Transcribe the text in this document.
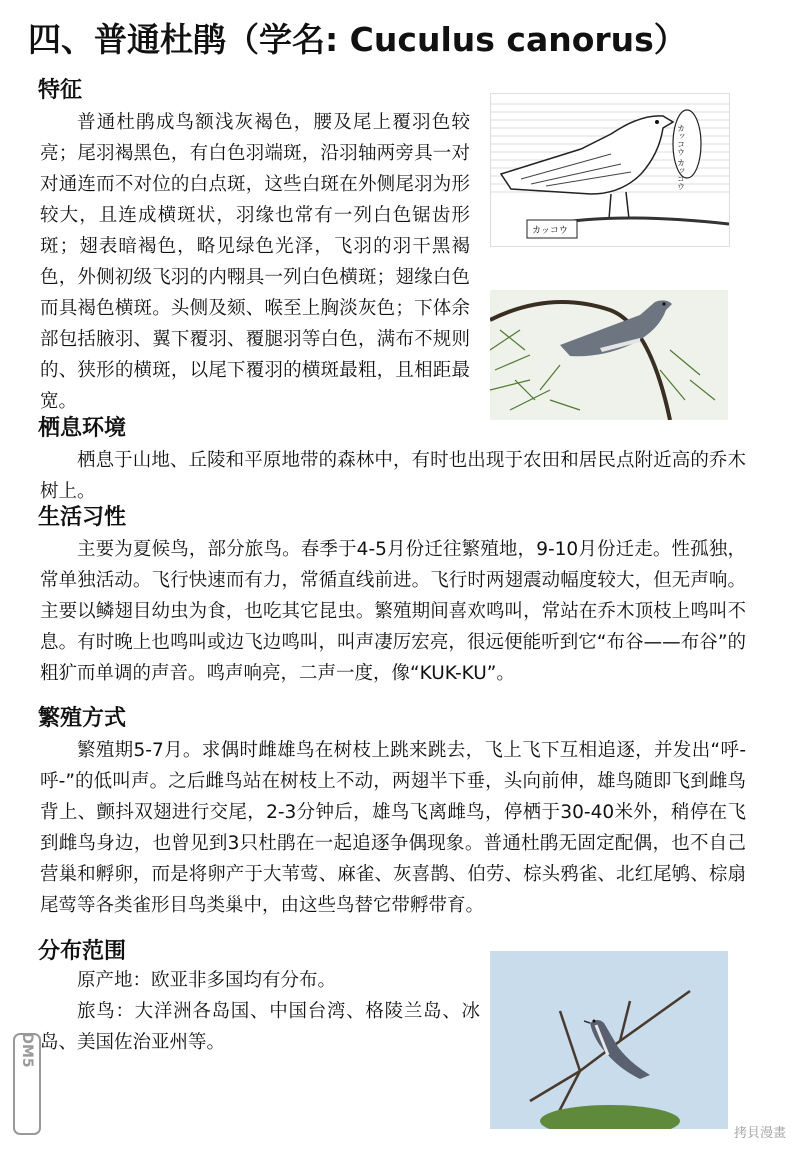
四、普通杜鹃（学名: Cuculus canorus）
特征

普通杜鹃成鸟额浅灰褐色，腰及尾上覆羽色较亮；尾羽褐黑色，有白色羽端斑，沿羽轴两旁具一对对通连而不对位的白点斑，这些白斑在外侧尾羽为形较大，且连成横斑状，羽缘也常有一列白色锯齿形斑；翅表暗褐色，略见绿色光泽，飞羽的羽干黑褐色，外侧初级飞羽的内翈具一列白色横斑；翅缘白色而具褐色横斑。头侧及颏、喉至上胸淡灰色；下体余部包括腋羽、翼下覆羽、覆腿羽等白色，满布不规则的、狭形的横斑，以尾下覆羽的横斑最粗，且相距最宽。

カッコウ カッコウ
カッコウ
栖息环境

栖息于山地、丘陵和平原地带的森林中，有时也出现于农田和居民点附近高的乔木树上。

生活习性

主要为夏候鸟，部分旅鸟。春季于4-5月份迁往繁殖地，9-10月份迁走。性孤独，常单独活动。飞行快速而有力，常循直线前进。飞行时两翅震动幅度较大，但无声响。主要以鳞翅目幼虫为食，也吃其它昆虫。繁殖期间喜欢鸣叫，常站在乔木顶枝上鸣叫不息。有时晚上也鸣叫或边飞边鸣叫，叫声凄厉宏亮，很远便能听到它“布谷——布谷”的粗犷而单调的声音。鸣声响亮，二声一度，像“KUK-KU”。

繁殖方式

繁殖期5-7月。求偶时雌雄鸟在树枝上跳来跳去，飞上飞下互相追逐，并发出“呼-呼-”的低叫声。之后雌鸟站在树枝上不动，两翅半下垂，头向前伸，雄鸟随即飞到雌鸟背上、颤抖双翅进行交尾，2-3分钟后，雄鸟飞离雌鸟，停栖于30-40米外，稍停在飞到雌鸟身边，也曾见到3只杜鹃在一起追逐争偶现象。普通杜鹃无固定配偶，也不自己营巢和孵卵，而是将卵产于大苇莺、麻雀、灰喜鹊、伯劳、棕头鸦雀、北红尾鸲、棕扇尾莺等各类雀形目鸟类巢中，由这些鸟替它带孵带育。

分布范围

原产地：欧亚非多国均有分布。

旅鸟：大洋洲各岛国、中国台湾、格陵兰岛、冰岛、美国佐治亚州等。

DM5
拷貝漫畫
